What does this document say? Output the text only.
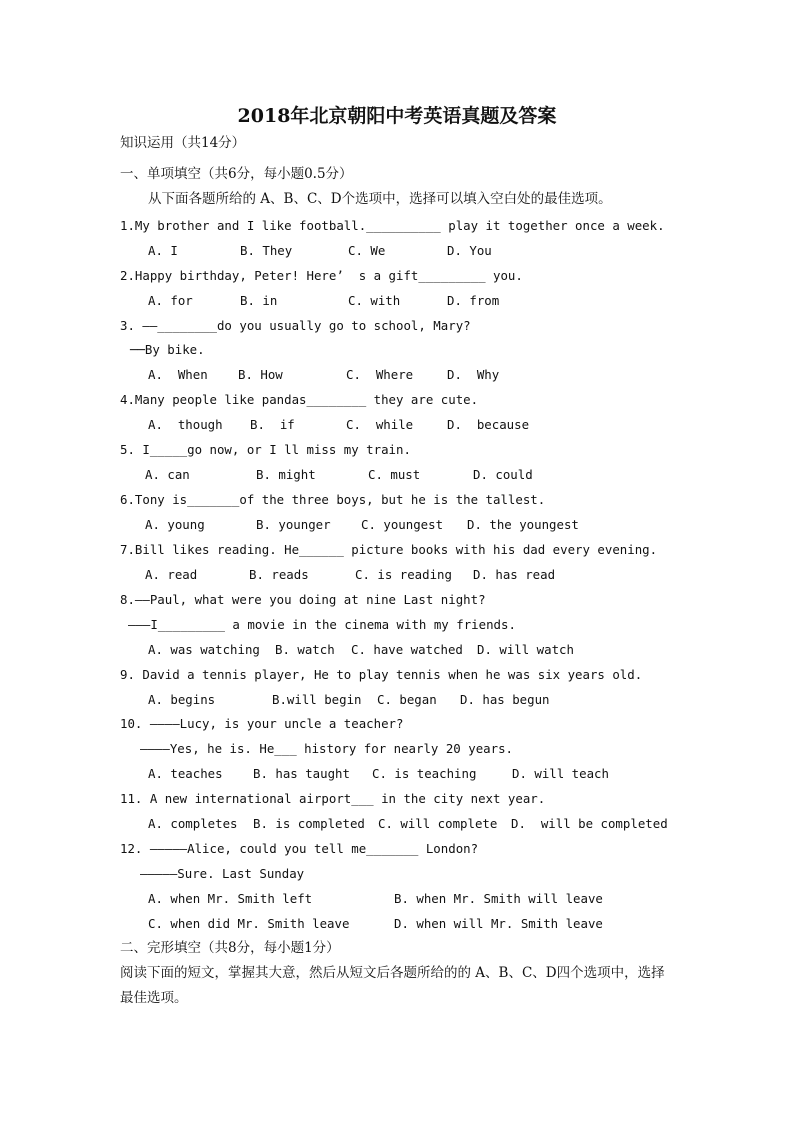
2018年北京朝阳中考英语真题及答案
知识运用（共14分）
一、单项填空（共6分，每小题0.5分）
从下面各题所给的 A、B、C、D个选项中，选择可以填入空白处的最佳选项。
1.My brother and I like football.__________ play it together once a week.
A. I	B. They	C. We	D. You
2.Happy birthday, Peter! Here’  s a gift_________ you.
A. for	B. in	C. with	D. from
3. ——________do you usually go to school, Mary?
──By bike.
A.  When B. How	C.  Where	D.  Why
4.Many people like pandas________ they are cute.
A.  though B.  if	C.  while	D.  because
5. I_____go now, or I ll miss my train.
A. can	B. might	C. must	D. could
6.Tony is_______of the three boys, but he is the tallest.
A. young	B. younger C. youngest D. the youngest
7.Bill likes reading. He______ picture books with his dad every evening.
A. read	B. reads	C. is reading D. has read
8.——Paul, what were you doing at nine Last night?
———I_________ a movie in the cinema with my friends.
A. was watching B. watch C. have watched D. will watch
9. David a tennis player, He to play tennis when he was six years old.
A. begins	B.will begin C. began D. has begun
10. ————Lucy, is your uncle a teacher?
————Yes, he is. He___ history for nearly 20 years.
A. teaches B. has taught C. is teaching	D. will teach
11. A new international airport___ in the city next year.
A. completes B. is completed C. will complete D.  will be completed
12. —————Alice, could you tell me_______ London?
—————Sure. Last Sunday
A. when Mr. Smith left	B. when Mr. Smith will leave
C. when did Mr. Smith leave	D. when will Mr. Smith leave
二、完形填空（共8分，每小题1分）
阅读下面的短文，掌握其大意，然后从短文后各题所给的的 A、B、C、D四个选项中，选择
最佳选项。
